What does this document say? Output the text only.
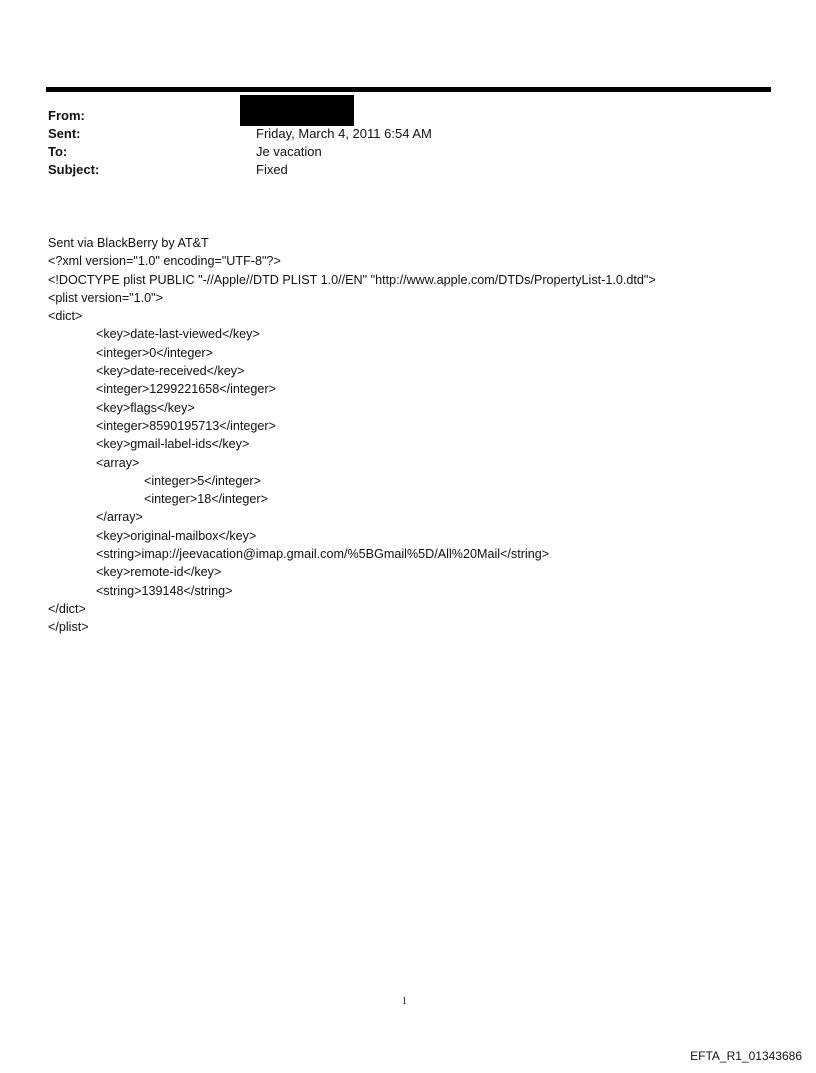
From:
Sent:	Friday, March 4, 2011 6:54 AM
To:	Je vacation
Subject:	Fixed
Sent via BlackBerry by AT&T
<?xml version="1.0" encoding="UTF-8"?>
<!DOCTYPE plist PUBLIC "-//Apple//DTD PLIST 1.0//EN" "http://www.apple.com/DTDs/PropertyList-1.0.dtd">
<plist version="1.0">
<dict>
<key>date-last-viewed</key>
<integer>0</integer>
<key>date-received</key>
<integer>1299221658</integer>
<key>flags</key>
<integer>8590195713</integer>
<key>gmail-label-ids</key>
<array>
<integer>5</integer>
<integer>18</integer>
</array>
<key>original-mailbox</key>
<string>imap://jeevacation@imap.gmail.com/%5BGmail%5D/All%20Mail</string>
<key>remote-id</key>
<string>139148</string>
</dict>
</plist>
1
EFTA_R1_01343686
